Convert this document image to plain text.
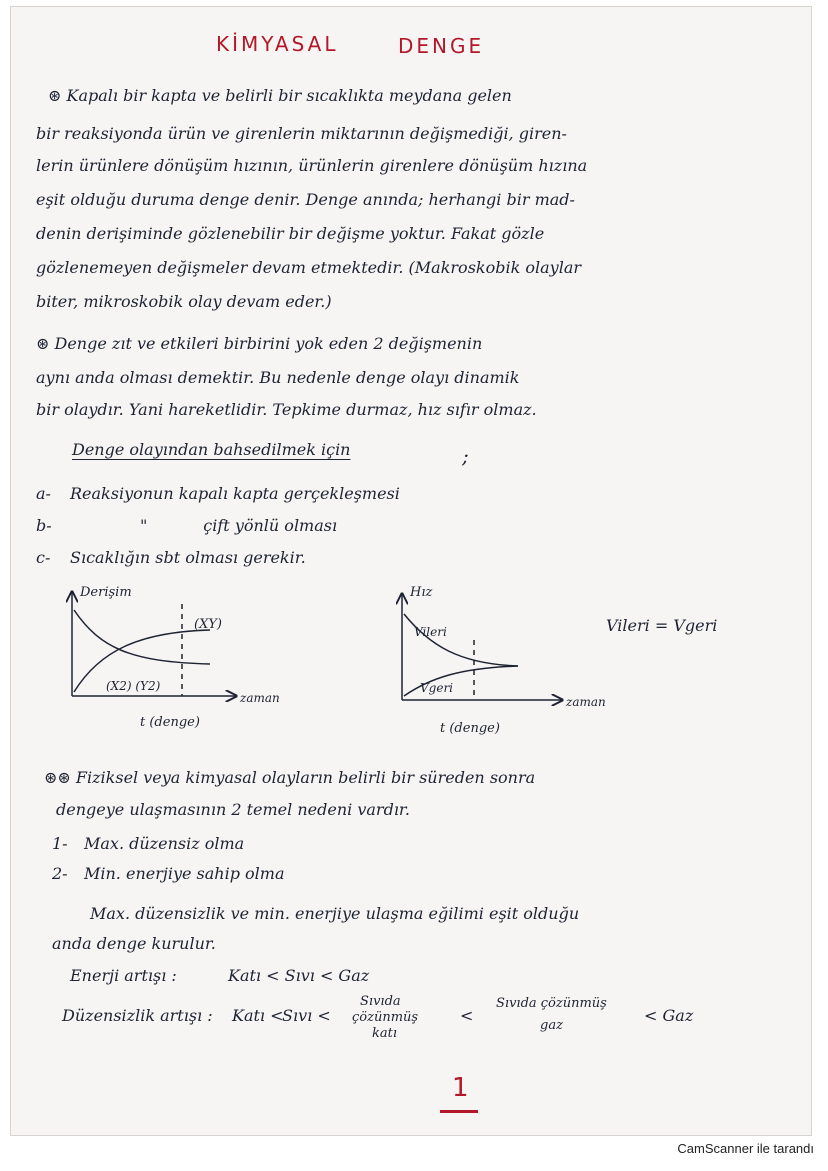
KİMYASAL	DENGE
⊛ Kapalı bir kapta ve belirli bir sıcaklıkta meydana gelen
bir reaksiyonda ürün ve girenlerin miktarının değişmediği, giren-
lerin ürünlere dönüşüm hızının, ürünlerin girenlere dönüşüm hızına
eşit olduğu duruma denge denir. Denge anında; herhangi bir mad-
denin derişiminde gözlenebilir bir değişme yoktur. Fakat gözle
gözlenemeyen değişmeler devam etmektedir. (Makroskobik olaylar
biter, mikroskobik olay devam eder.)
⊛ Denge zıt ve etkileri birbirini yok eden 2 değişmenin
aynı anda olması demektir. Bu nedenle denge olayı dinamik
bir olaydır. Yani hareketlidir. Tepkime durmaz, hız sıfır olmaz.
Denge olayından bahsedilmek için	;
a- Reaksiyonun kapalı kapta gerçekleşmesi
b-	"           çift yönlü olması
c- Sıcaklığın sbt olması gerekir.
Derişim
(XY)
(X2) (Y2)
zaman
t (denge)
Hız
Vileri
Vgeri
zaman
t (denge)
Vileri = Vgeri
⊛⊛ Fiziksel veya kimyasal olayların belirli bir süreden sonra
dengeye ulaşmasının 2 temel nedeni vardır.
1- Max. düzensiz olma
2- Min. enerjiye sahip olma
Max. düzensizlik ve min. enerjiye ulaşma eğilimi eşit olduğu
anda denge kurulur.
Enerji artışı :	Katı < Sıvı < Gaz
Düzensizlik artışı : Katı <
Sıvı <
Sıvıda
çözünmüş
katı
<
Sıvıda çözünmüş
gaz
< Gaz
1
CamScanner ile tarandı
